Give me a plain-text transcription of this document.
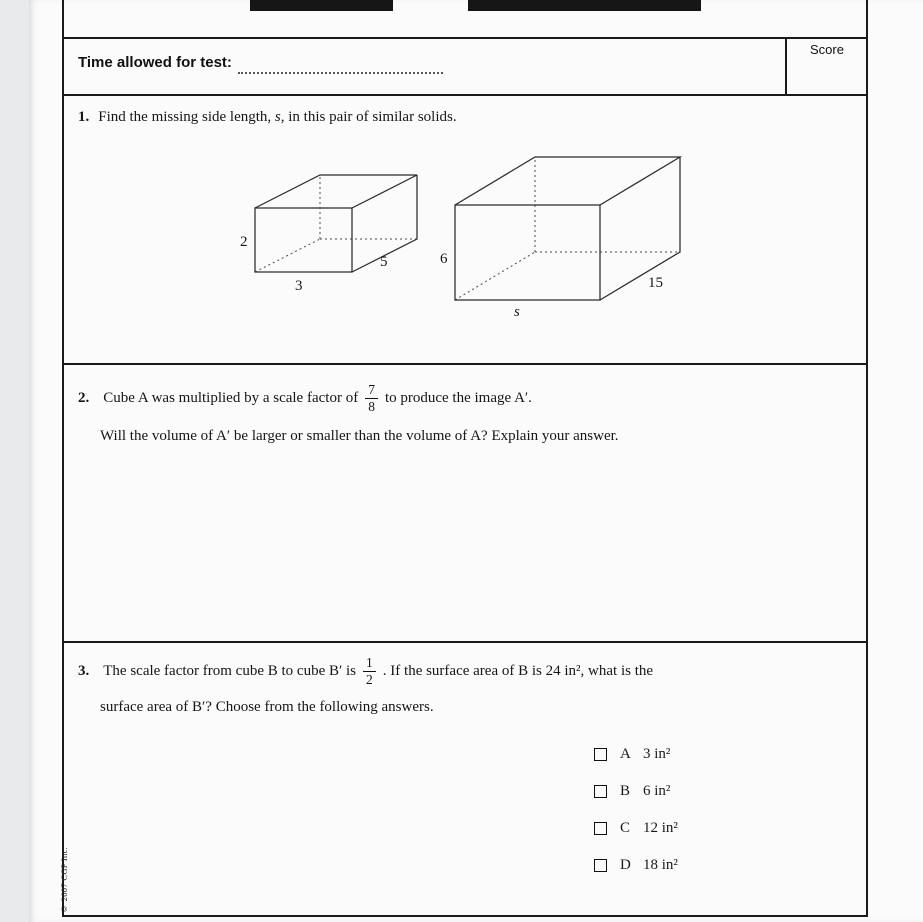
Score
Time allowed for test:
1. Find the missing side length, s, in this pair of similar solids.
2
3
5	6
15
s
2. Cube A was multiplied by a scale factor of $\frac{7}{8}$ to produce the image A′.
Will the volume of A′ be larger or smaller than the volume of A? Explain your answer.
3. The scale factor from cube B to cube B′ is $\frac{1}{2}$ . If the surface area of B is 24 in², what is the
surface area of B′? Choose from the following answers.
A 3 in²
B 6 in²
C 12 in²
D 18 in²
© 2007 CGP Inc.
